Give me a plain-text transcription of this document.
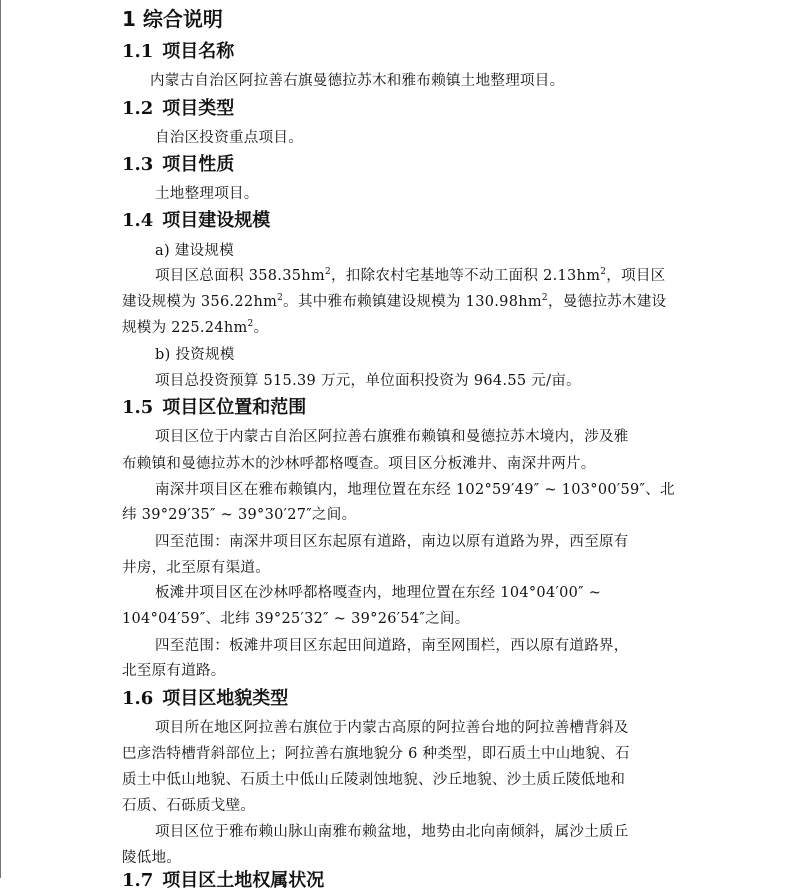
1 综合说明
1.1 项目名称
内蒙古自治区阿拉善右旗曼德拉苏木和雅布赖镇土地整理项目。
1.2 项目类型
自治区投资重点项目。
1.3 项目性质
土地整理项目。
1.4 项目建设规模
a) 建设规模
项目区总面积 $358.35hm^2$，扣除农村宅基地等不动工面积 $2.13hm^2$，项目区
建设规模为 $356.22hm^2$。其中雅布赖镇建设规模为 $130.98hm^2$，曼德拉苏木建设
规模为 $225.24hm^2$。
b) 投资规模
项目总投资预算 515.39 万元，单位面积投资为 964.55 元/亩。
1.5 项目区位置和范围
项目区位于内蒙古自治区阿拉善右旗雅布赖镇和曼德拉苏木境内，涉及雅
布赖镇和曼德拉苏木的沙林呼都格嘎查。项目区分板滩井、南深井两片。
南深井项目区在雅布赖镇内，地理位置在东经 102°59′49″ ~ 103°00′59″、北
纬 39°29′35″ ~ 39°30′27″之间。
四至范围：南深井项目区东起原有道路，南边以原有道路为界，西至原有
井房，北至原有渠道。
板滩井项目区在沙林呼都格嘎查内，地理位置在东经 104°04′00″ ~
104°04′59″、北纬 39°25′32″ ~ 39°26′54″之间。
四至范围：板滩井项目区东起田间道路，南至网围栏，西以原有道路界，
北至原有道路。
1.6 项目区地貌类型
项目所在地区阿拉善右旗位于内蒙古高原的阿拉善台地的阿拉善槽背斜及
巴彦浩特槽背斜部位上；阿拉善右旗地貌分 6 种类型，即石质土中山地貌、石
质土中低山地貌、石质土中低山丘陵剥蚀地貌、沙丘地貌、沙土质丘陵低地和
石质、石砾质戈壁。
项目区位于雅布赖山脉山南雅布赖盆地，地势由北向南倾斜，属沙土质丘
陵低地。
1.7 项目区土地权属状况
